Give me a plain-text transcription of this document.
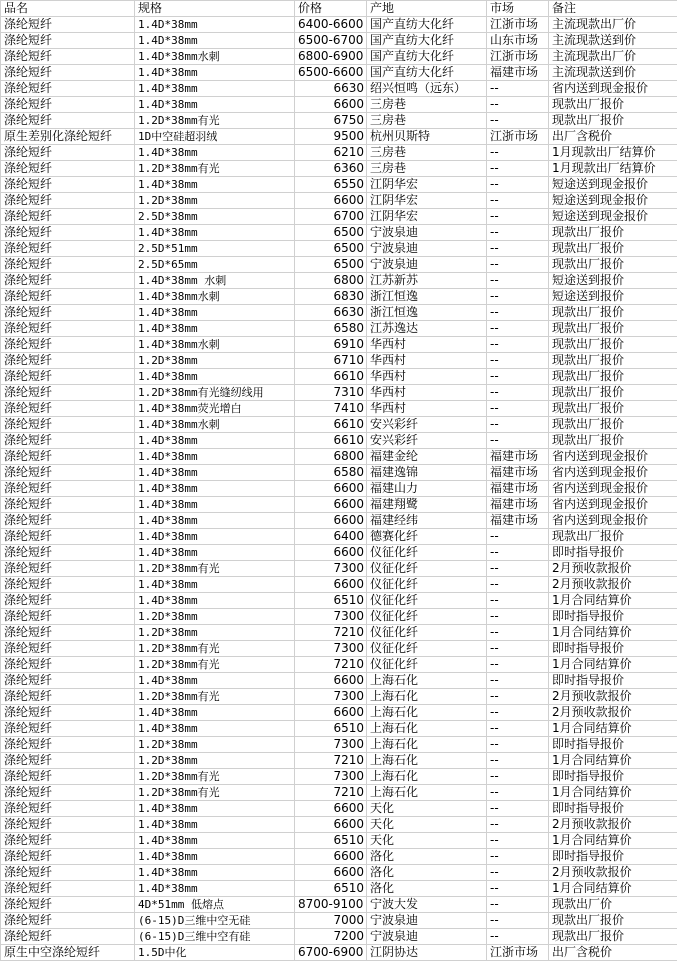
品名	规格	价格	产地	市场	备注
涤纶短纤	1.4D*38mm	6400-6600	国产直纺大化纤	江浙市场	主流现款出厂价
涤纶短纤	1.4D*38mm	6500-6700	国产直纺大化纤	山东市场	主流现款送到价
涤纶短纤	1.4D*38mm水刺	6800-6900	国产直纺大化纤	江浙市场	主流现款出厂价
涤纶短纤	1.4D*38mm	6500-6600	国产直纺大化纤	福建市场	主流现款送到价
涤纶短纤	1.4D*38mm	6630	绍兴恒鸣（远东）	--	省内送到现金报价
涤纶短纤	1.4D*38mm	6600	三房巷	--	现款出厂报价
涤纶短纤	1.2D*38mm有光	6750	三房巷	--	现款出厂报价
原生差别化涤纶短纤	1D中空硅超羽绒	9500	杭州贝斯特	江浙市场	出厂含税价
涤纶短纤	1.4D*38mm	6210	三房巷	--	1月现款出厂结算价
涤纶短纤	1.2D*38mm有光	6360	三房巷	--	1月现款出厂结算价
涤纶短纤	1.4D*38mm	6550	江阴华宏	--	短途送到现金报价
涤纶短纤	1.2D*38mm	6600	江阴华宏	--	短途送到现金报价
涤纶短纤	2.5D*38mm	6700	江阴华宏	--	短途送到现金报价
涤纶短纤	1.4D*38mm	6500	宁波泉迪	--	现款出厂报价
涤纶短纤	2.5D*51mm	6500	宁波泉迪	--	现款出厂报价
涤纶短纤	2.5D*65mm	6500	宁波泉迪	--	现款出厂报价
涤纶短纤	1.4D*38mm 水刺	6800	江苏新苏	--	短途送到报价
涤纶短纤	1.4D*38mm水刺	6830	浙江恒逸	--	短途送到报价
涤纶短纤	1.4D*38mm	6630	浙江恒逸	--	现款出厂报价
涤纶短纤	1.4D*38mm	6580	江苏逸达	--	现款出厂报价
涤纶短纤	1.4D*38mm水刺	6910	华西村	--	现款出厂报价
涤纶短纤	1.2D*38mm	6710	华西村	--	现款出厂报价
涤纶短纤	1.4D*38mm	6610	华西村	--	现款出厂报价
涤纶短纤	1.2D*38mm有光缝纫线用	7310	华西村	--	现款出厂报价
涤纶短纤	1.4D*38mm荧光增白	7410	华西村	--	现款出厂报价
涤纶短纤	1.4D*38mm水刺	6610	安兴彩纤	--	现款出厂报价
涤纶短纤	1.4D*38mm	6610	安兴彩纤	--	现款出厂报价
涤纶短纤	1.4D*38mm	6800	福建金纶	福建市场	省内送到现金报价
涤纶短纤	1.4D*38mm	6580	福建逸锦	福建市场	省内送到现金报价
涤纶短纤	1.4D*38mm	6600	福建山力	福建市场	省内送到现金报价
涤纶短纤	1.4D*38mm	6600	福建翔鹭	福建市场	省内送到现金报价
涤纶短纤	1.4D*38mm	6600	福建经纬	福建市场	省内送到现金报价
涤纶短纤	1.4D*38mm	6400	德赛化纤	--	现款出厂报价
涤纶短纤	1.4D*38mm	6600	仪征化纤	--	即时指导报价
涤纶短纤	1.2D*38mm有光	7300	仪征化纤	--	2月预收款报价
涤纶短纤	1.4D*38mm	6600	仪征化纤	--	2月预收款报价
涤纶短纤	1.4D*38mm	6510	仪征化纤	--	1月合同结算价
涤纶短纤	1.2D*38mm	7300	仪征化纤	--	即时指导报价
涤纶短纤	1.2D*38mm	7210	仪征化纤	--	1月合同结算价
涤纶短纤	1.2D*38mm有光	7300	仪征化纤	--	即时指导报价
涤纶短纤	1.2D*38mm有光	7210	仪征化纤	--	1月合同结算价
涤纶短纤	1.4D*38mm	6600	上海石化	--	即时指导报价
涤纶短纤	1.2D*38mm有光	7300	上海石化	--	2月预收款报价
涤纶短纤	1.4D*38mm	6600	上海石化	--	2月预收款报价
涤纶短纤	1.4D*38mm	6510	上海石化	--	1月合同结算价
涤纶短纤	1.2D*38mm	7300	上海石化	--	即时指导报价
涤纶短纤	1.2D*38mm	7210	上海石化	--	1月合同结算价
涤纶短纤	1.2D*38mm有光	7300	上海石化	--	即时指导报价
涤纶短纤	1.2D*38mm有光	7210	上海石化	--	1月合同结算价
涤纶短纤	1.4D*38mm	6600	天化	--	即时指导报价
涤纶短纤	1.4D*38mm	6600	天化	--	2月预收款报价
涤纶短纤	1.4D*38mm	6510	天化	--	1月合同结算价
涤纶短纤	1.4D*38mm	6600	洛化	--	即时指导报价
涤纶短纤	1.4D*38mm	6600	洛化	--	2月预收款报价
涤纶短纤	1.4D*38mm	6510	洛化	--	1月合同结算价
涤纶短纤	4D*51mm 低熔点	8700-9100	宁波大发	--	现款出厂价
涤纶短纤	(6-15)D三维中空无硅	7000	宁波泉迪	--	现款出厂报价
涤纶短纤	(6-15)D三维中空有硅	7200	宁波泉迪	--	现款出厂报价
原生中空涤纶短纤	1.5D中化	6700-6900	江阴协达	江浙市场	出厂含税价
